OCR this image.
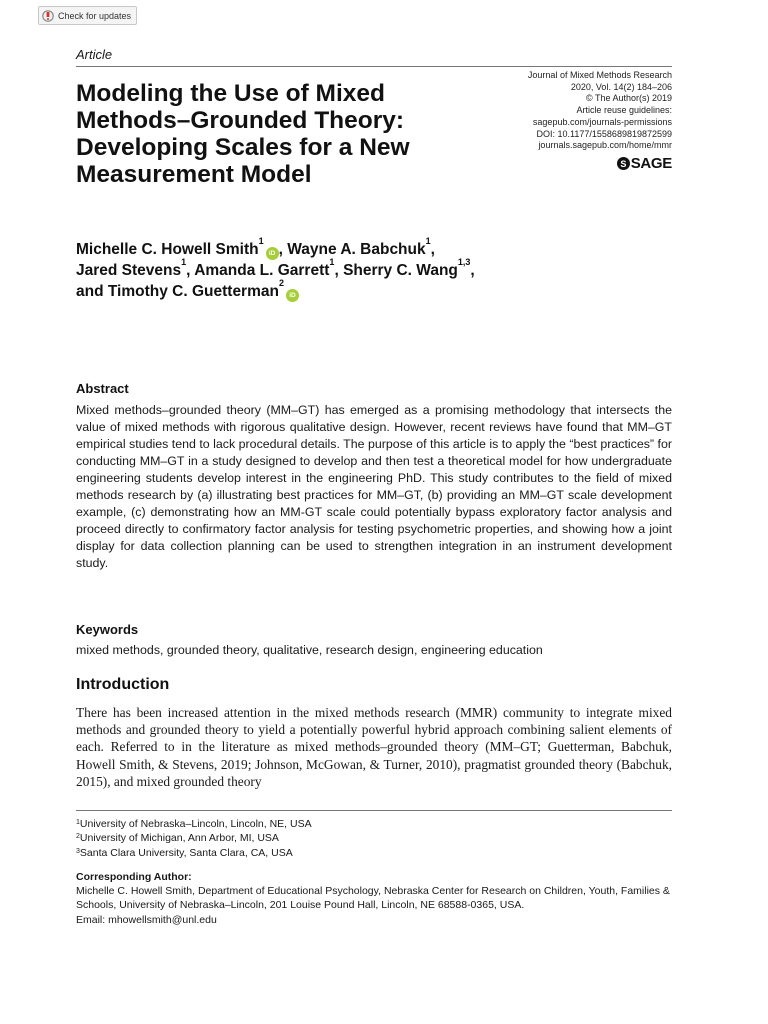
Check for updates
Article
Modeling the Use of Mixed Methods–Grounded Theory: Developing Scales for a New Measurement Model
Journal of Mixed Methods Research
2020, Vol. 14(2) 184–206
© The Author(s) 2019
Article reuse guidelines:
sagepub.com/journals-permissions
DOI: 10.1177/1558689819872599
journals.sagepub.com/home/mmr
S SAGE
Michelle C. Howell Smith$^1$iD , Wayne A. Babchuk$^1$,
Jared Stevens$^1$, Amanda L. Garrett$^1$, Sherry C. Wang$^{1,3}$,
and Timothy C. Guetterman$^2$iD
Abstract

Mixed methods–grounded theory (MM–GT) has emerged as a promising methodology that intersects the value of mixed methods with rigorous qualitative design. However, recent reviews have found that MM–GT empirical studies tend to lack procedural details. The purpose of this article is to apply the “best practices” for conducting MM–GT in a study designed to develop and then test a theoretical model for how undergraduate engineering students develop interest in the engineering PhD. This study contributes to the field of mixed methods research by (a) illustrating best practices for MM–GT, (b) providing an MM–GT scale development example, (c) demonstrating how an MM-GT scale could potentially bypass exploratory factor analysis and proceed directly to confirmatory factor analysis for testing psychometric properties, and showing how a joint display for data collection planning can be used to strengthen integration in an instrument development study.

Keywords
mixed methods, grounded theory, qualitative, research design, engineering education
Introduction

There has been increased attention in the mixed methods research (MMR) community to integrate mixed methods and grounded theory to yield a potentially powerful hybrid approach combining salient elements of each. Referred to in the literature as mixed methods–grounded theory (MM–GT; Guetterman, Babchuk, Howell Smith, & Stevens, 2019; Johnson, McGowan, & Turner, 2010), pragmatist grounded theory (Babchuk, 2015), and mixed grounded theory

$^1$University of Nebraska–Lincoln, Lincoln, NE, USA
$^2$University of Michigan, Ann Arbor, MI, USA
$^3$Santa Clara University, Santa Clara, CA, USA
Corresponding Author:
Michelle C. Howell Smith, Department of Educational Psychology, Nebraska Center for Research on Children, Youth, Families & Schools, University of Nebraska–Lincoln, 201 Louise Pound Hall, Lincoln, NE 68588-0365, USA.
Email: mhowellsmith@unl.edu
